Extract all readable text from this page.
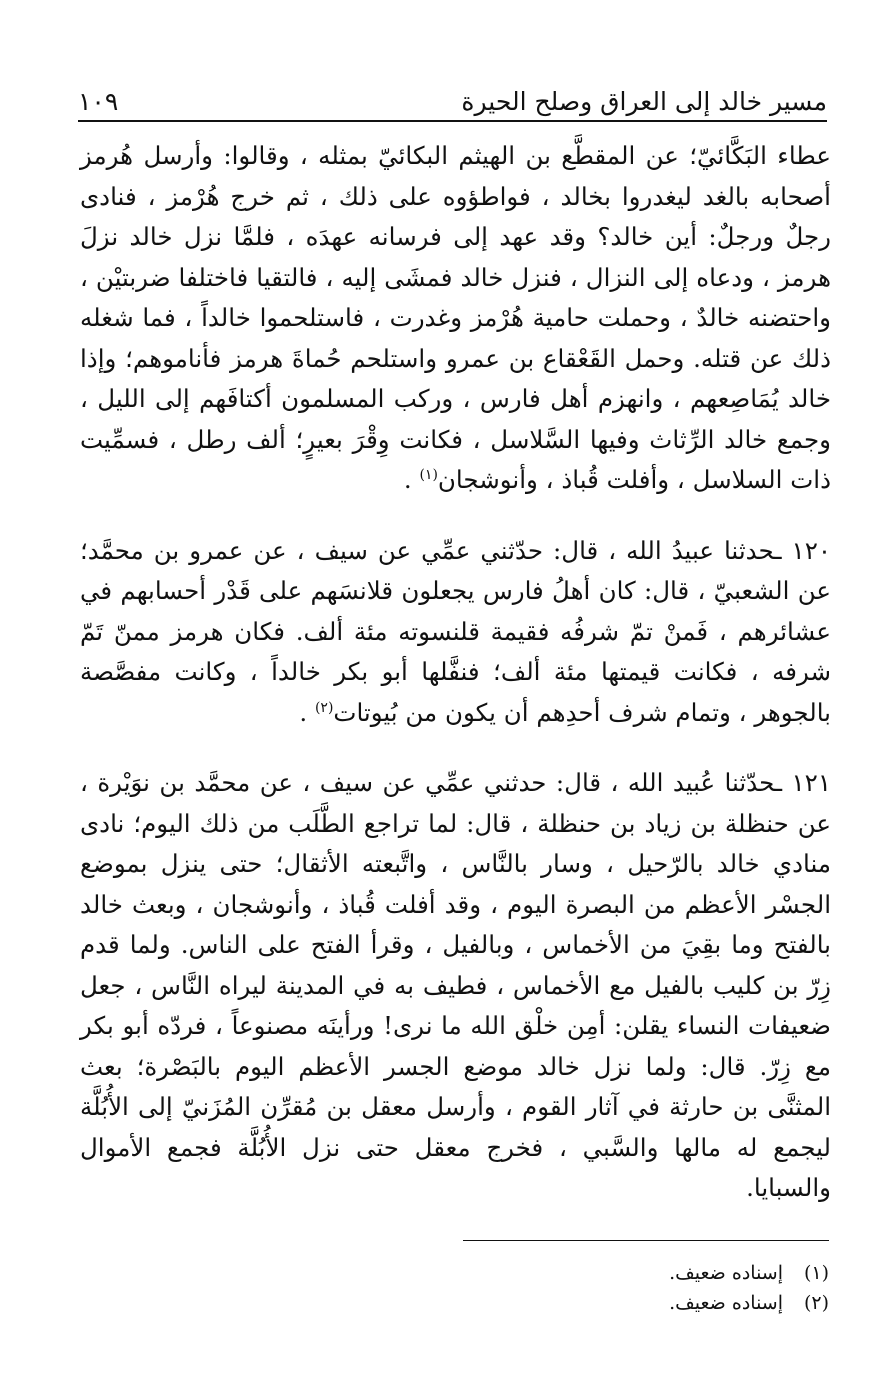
مسير خالد إلى العراق وصلح الحيرة
١٠٩

عطاء البَكَّائيّ؛ عن المقطَّع بن الهيثم البكائيّ بمثله ، وقالوا: وأرسل هُرمز أصحابه بالغد ليغدروا بخالد ، فواطؤوه على ذلك ، ثم خرج هُرْمز ، فنادى رجلٌ ورجلٌ: أين خالد؟ وقد عهد إلى فرسانه عهدَه ، فلمَّا نزل خالد نزلَ هرمز ، ودعاه إلى النزال ، فنزل خالد فمشَى إليه ، فالتقيا فاختلفا ضربتيْن ، واحتضنه خالدٌ ، وحملت حامية هُرْمز وغدرت ، فاستلحموا خالداً ، فما شغله ذلك عن قتله. وحمل القَعْقاع بن عمرو واستلحم حُماةَ هرمز فأناموهم؛ وإذا خالد يُمَاصِعهم ، وانهزم أهل فارس ، وركب المسلمون أكتافَهم إلى الليل ، وجمع خالد الرِّثاث وفيها السَّلاسل ، فكانت وِقْرَ بعيرٍ؛ ألف رطل ، فسمِّيت ذات السلاسل ، وأفلت قُباذ ، وأنوشجان$^{(١)}$ .

١٢٠ ـحدثنا عبيدُ الله ، قال: حدّثني عمِّي عن سيف ، عن عمرو بن محمَّد؛ عن الشعبيّ ، قال: كان أهلُ فارس يجعلون قلانسَهم على قَدْر أحسابهم في عشائرهم ، فَمنْ تمّ شرفُه فقيمة قلنسوته مئة ألف. فكان هرمز ممنّ تَمّ شرفه ، فكانت قيمتها مئة ألف؛ فنفَّلها أبو بكر خالداً ، وكانت مفصَّصة بالجوهر ، وتمام شرف أحدِهم أن يكون من بُيوتات$^{(٢)}$ .

١٢١ ـحدّثنا عُبيد الله ، قال: حدثني عمِّي عن سيف ، عن محمَّد بن نوَيْرة ، عن حنظلة بن زياد بن حنظلة ، قال: لما تراجع الطَّلَب من ذلك اليوم؛ نادى منادي خالد بالرّحيل ، وسار بالنَّاس ، واتَّبعته الأثقال؛ حتى ينزل بموضع الجسْر الأعظم من البصرة اليوم ، وقد أفلت قُباذ ، وأنوشجان ، وبعث خالد بالفتح وما بقِيَ من الأخماس ، وبالفيل ، وقرأ الفتح على الناس. ولما قدم زِرّ بن كليب بالفيل مع الأخماس ، فطيف به في المدينة ليراه النَّاس ، جعل ضعيفات النساء يقلن: أمِن خلْق الله ما نرى! ورأينَه مصنوعاً ، فردّه أبو بكر مع زِرّ. قال: ولما نزل خالد موضع الجسر الأعظم اليوم بالبَصْرة؛ بعث المثنَّى بن حارثة في آثار القوم ، وأرسل معقل بن مُقرِّن المُزَنيّ إلى الأُبُلَّة ليجمع له مالها والسَّبي ، فخرج معقل حتى نزل الأُبُلَّة فجمع الأموال والسبايا.

(١)
إسناده ضعيف.
(٢)
إسناده ضعيف.
